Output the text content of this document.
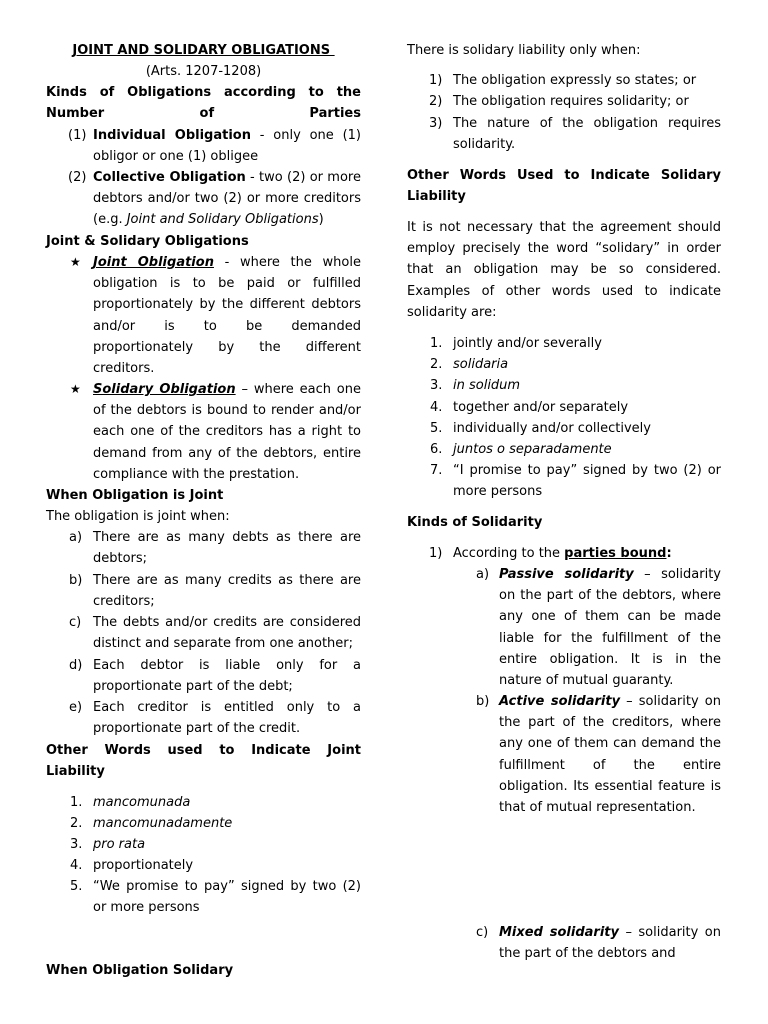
JOINT AND SOLIDARY OBLIGATIONS
(Arts. 1207-1208)
Kinds of Obligations according to the Number of Parties
(1) Individual Obligation - only one (1) obligor or one (1) obligee
(2) Collective Obligation - two (2) or more debtors and/or two (2) or more creditors (e.g. Joint and Solidary Obligations)
Joint & Solidary Obligations
★ Joint Obligation - where the whole obligation is to be paid or fulfilled proportionately by the different debtors and/or is to be demanded proportionately by the different creditors.
★ Solidary Obligation – where each one of the debtors is bound to render and/or each one of the creditors has a right to demand from any of the debtors, entire compliance with the prestation.
When Obligation is Joint
The obligation is joint when:
a) There are as many debts as there are debtors;
b) There are as many credits as there are creditors;
c) The debts and/or credits are considered distinct and separate from one another;
d) Each debtor is liable only for a proportionate part of the debt;
e) Each creditor is entitled only to a proportionate part of the credit.
Other Words used to Indicate Joint Liability
1. mancomunada
2. mancomunadamente
3. pro rata
4. proportionately
5. “We promise to pay” signed by two (2) or more persons
When Obligation Solidary
There is solidary liability only when:
1) The obligation expressly so states; or
2) The obligation requires solidarity; or
3) The nature of the obligation requires solidarity.
Other Words Used to Indicate Solidary Liability
It is not necessary that the agreement should employ precisely the word “solidary” in order that an obligation may be so considered. Examples of other words used to indicate solidarity are:
1. jointly and/or severally
2. solidaria
3. in solidum
4. together and/or separately
5. individually and/or collectively
6. juntos o separadamente
7. “I promise to pay” signed by two (2) or more persons
Kinds of Solidarity
1) According to the parties bound:
a) Passive solidarity – solidarity on the part of the debtors, where any one of them can be made liable for the fulfillment of the entire obligation. It is in the nature of mutual guaranty.
b) Active solidarity – solidarity on the part of the creditors, where any one of them can demand the fulfillment of the entire obligation. Its essential feature is that of mutual representation.
c) Mixed solidarity – solidarity on the part of the debtors and
